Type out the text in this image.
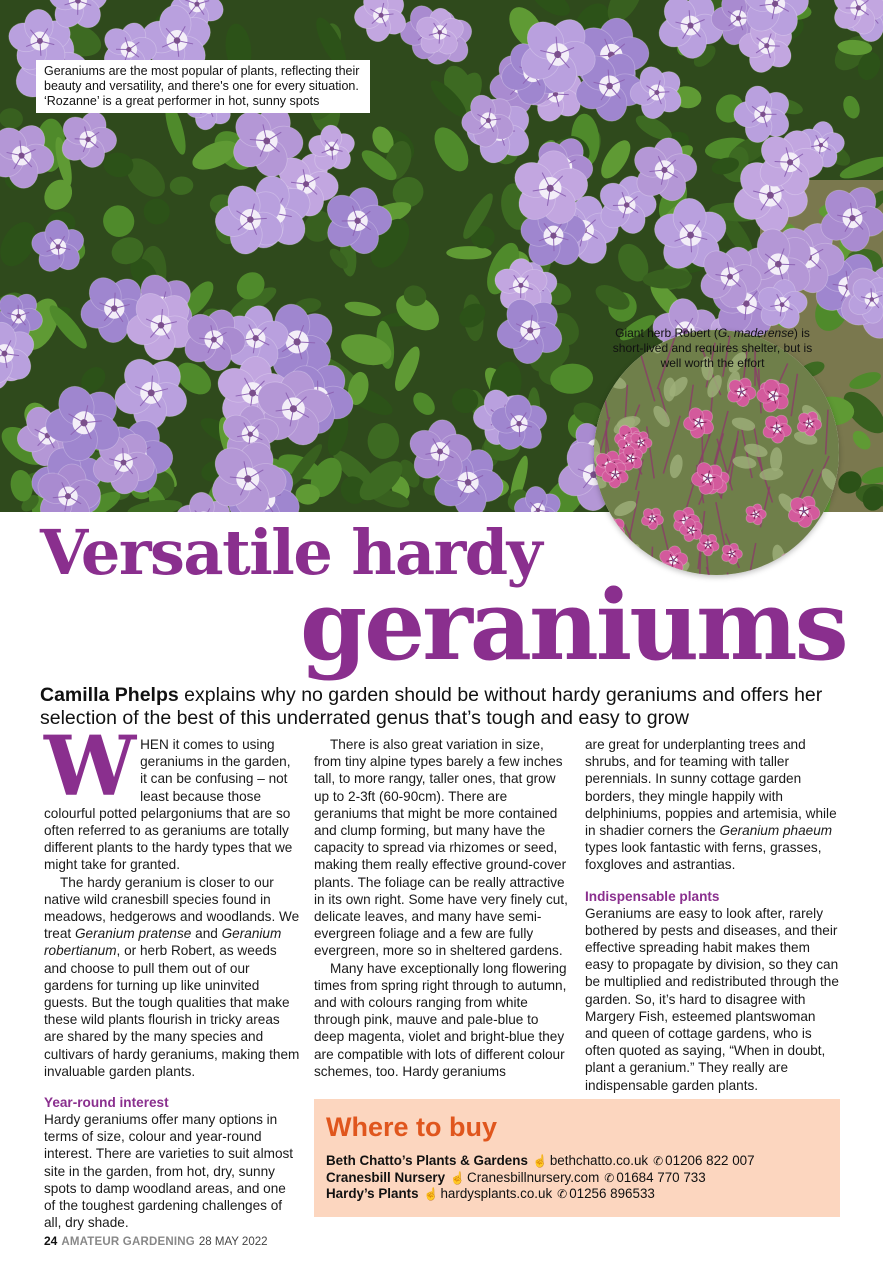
Geraniums are the most popular of plants, reflecting their beauty and versatility, and there's one for every situation. ‘Rozanne’ is a great performer in hot, sunny spots
Giant herb Robert (G. maderense) is short-lived and requires shelter, but is well worth the effort
Versatile hardy
geraniums
Camilla Phelps explains why no garden should be without hardy geraniums and offers her selection of the best of this underrated genus that’s tough and easy to grow

WHEN it comes to using geraniums in the garden, it can be confusing – not least because those colourful potted pelargoniums that are so often referred to as geraniums are totally different plants to the hardy types that we might take for granted.

The hardy geranium is closer to our native wild cranesbill species found in meadows, hedgerows and woodlands. We treat Geranium pratense and Geranium robertianum, or herb Robert, as weeds and choose to pull them out of our gardens for turning up like uninvited guests. But the tough qualities that make these wild plants flourish in tricky areas are shared by the many species and cultivars of hardy geraniums, making them invaluable garden plants.

Year-round interest

Hardy geraniums offer many options in terms of size, colour and year-round interest. There are varieties to suit almost site in the garden, from hot, dry, sunny spots to damp woodland areas, and one of the toughest gardening challenges of all, dry shade.

There is also great variation in size, from tiny alpine types barely a few inches tall, to more rangy, taller ones, that grow up to 2-3ft (60-90cm). There are geraniums that might be more contained and clump forming, but many have the capacity to spread via rhizomes or seed, making them really effective ground-cover plants. The foliage can be really attractive in its own right. Some have very finely cut, delicate leaves, and many have semi-evergreen foliage and a few are fully evergreen, more so in sheltered gardens.

Many have exceptionally long flowering times from spring right through to autumn, and with colours ranging from white through pink, mauve and pale-blue to deep magenta, violet and bright-blue they are compatible with lots of different colour schemes, too. Hardy geraniums

are great for underplanting trees and shrubs, and for teaming with taller perennials. In sunny cottage garden borders, they mingle happily with delphiniums, poppies and artemisia, while in shadier corners the Geranium phaeum types look fantastic with ferns, grasses, foxgloves and astrantias.

Indispensable plants

Geraniums are easy to look after, rarely bothered by pests and diseases, and their effective spreading habit makes them easy to propagate by division, so they can be multiplied and redistributed through the garden. So, it’s hard to disagree with Margery Fish, esteemed plantswoman and queen of cottage gardens, who is often quoted as saying, “When in doubt, plant a geranium.” They really are indispensable garden plants.

Where to buy
Beth Chatto’s Plants & Gardens ☝ bethchatto.co.uk ✆ 01206 822 007
Cranesbill Nursery ☝ Cranesbillnursery.com ✆ 01684 770 733
Hardy’s Plants ☝ hardysplants.co.uk ✆ 01256 896533
24 AMATEUR GARDENING 28 MAY 2022
